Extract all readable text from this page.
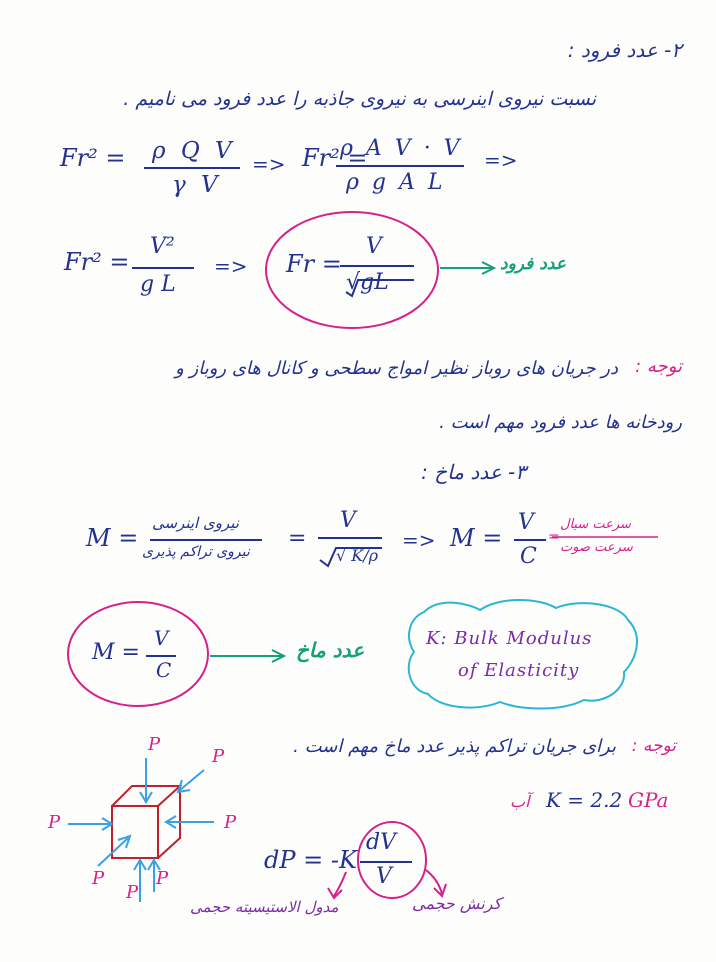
۲- عدد فرود :
نسبت نیروی اینرسی به نیروی جاذبه را عدد فرود می نامیم .
Fr² = ρ Q V
γ V
=> Fr² =
ρ A V · V
ρ g A L
=>
Fr² =
V²
g L
=> Fr =
V
√gL
عدد فرود
توجه :
در جریان های روباز نظیر امواج سطحی و کانال های روباز و
رودخانه ها عدد فرود مهم است .
۳- عدد ماخ :
M =
نیروی اینرسی
نیروی تراکم پذیری
=
V
√ K/ρ
=> M =
V
C
=
سرعت سیال
سرعت صوت
M =
V
C
عدد ماخ	K: Bulk Modulus
of Elasticity
توجه :
برای جریان تراکم پذیر عدد ماخ مهم است .
P
P
P	P
P
P
P
آب K = 2.2 GPa
dP = -K
dV
V
مدول الاستیسیته حجمی	کرنش حجمی
